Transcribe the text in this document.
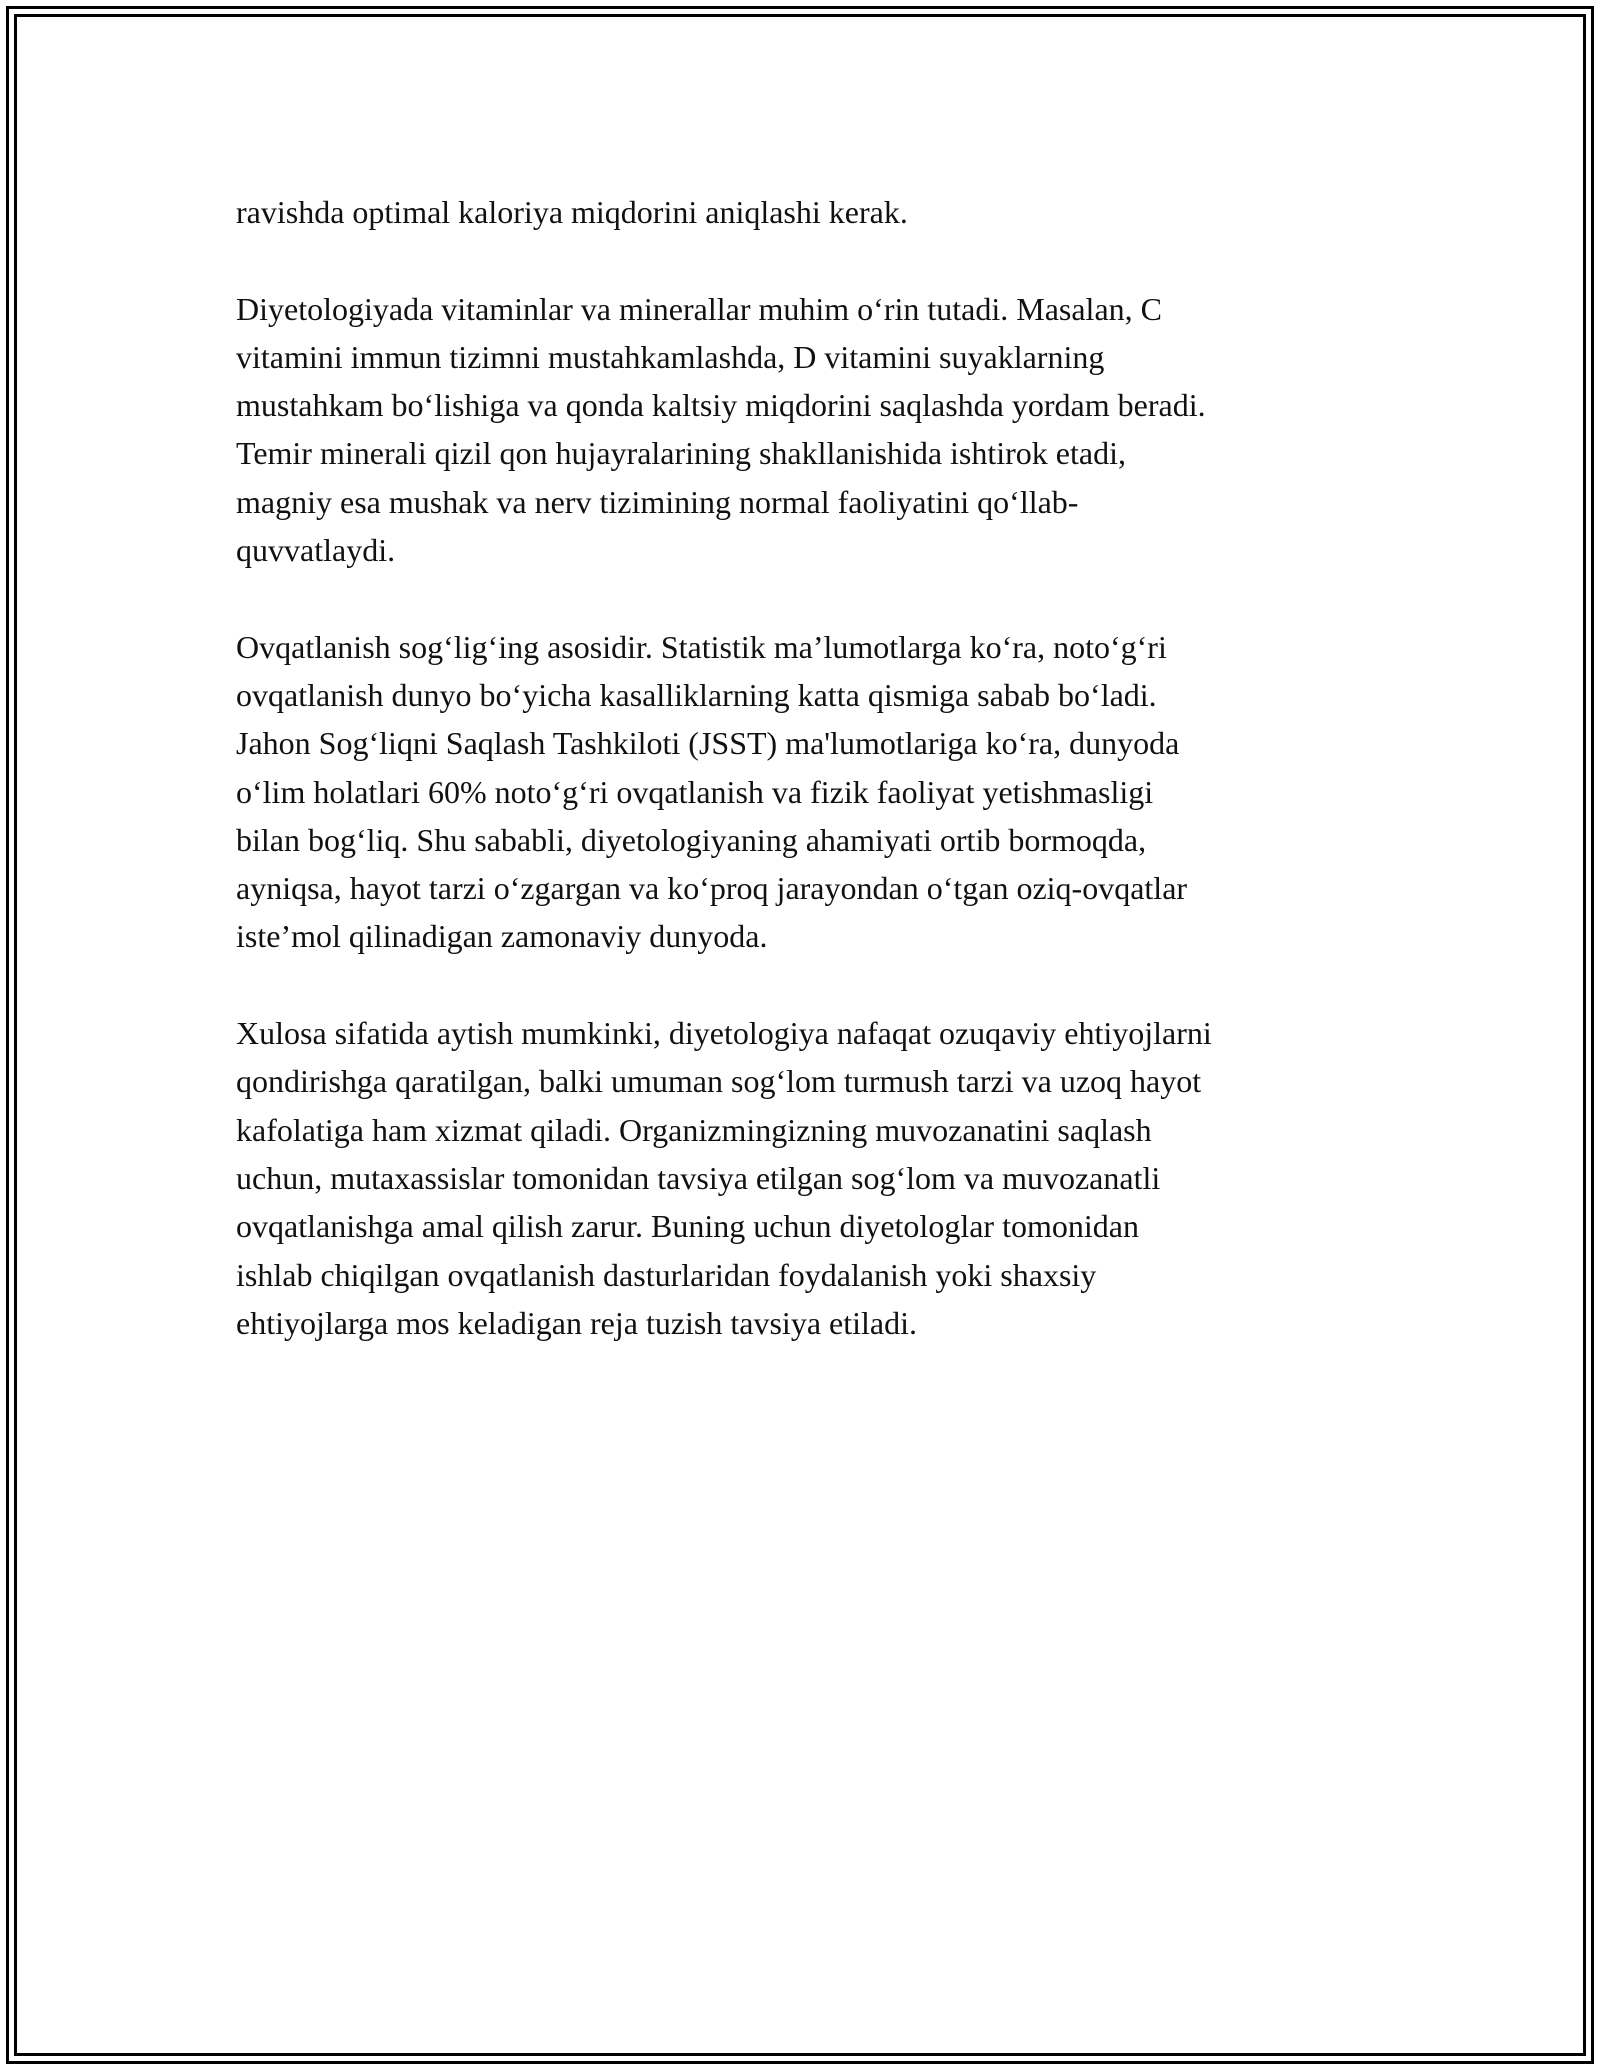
ravishda optimal kaloriya miqdorini aniqlashi kerak.

Diyetologiyada vitaminlar va minerallar muhim o‘rin tutadi. Masalan, C
vitamini immun tizimni mustahkamlashda, D vitamini suyaklarning
mustahkam bo‘lishiga va qonda kaltsiy miqdorini saqlashda yordam beradi.
Temir minerali qizil qon hujayralarining shakllanishida ishtirok etadi,
magniy esa mushak va nerv tizimining normal faoliyatini qo‘llab-
quvvatlaydi.

Ovqatlanish sog‘lig‘ing asosidir. Statistik ma’lumotlarga ko‘ra, noto‘g‘ri
ovqatlanish dunyo bo‘yicha kasalliklarning katta qismiga sabab bo‘ladi.
Jahon Sog‘liqni Saqlash Tashkiloti (JSST) ma'lumotlariga ko‘ra, dunyoda
o‘lim holatlari 60% noto‘g‘ri ovqatlanish va fizik faoliyat yetishmasligi
bilan bog‘liq. Shu sababli, diyetologiyaning ahamiyati ortib bormoqda,
ayniqsa, hayot tarzi o‘zgargan va ko‘proq jarayondan o‘tgan oziq-ovqatlar
iste’mol qilinadigan zamonaviy dunyoda.

Xulosa sifatida aytish mumkinki, diyetologiya nafaqat ozuqaviy ehtiyojlarni
qondirishga qaratilgan, balki umuman sog‘lom turmush tarzi va uzoq hayot
kafolatiga ham xizmat qiladi. Organizmingizning muvozanatini saqlash
uchun, mutaxassislar tomonidan tavsiya etilgan sog‘lom va muvozanatli
ovqatlanishga amal qilish zarur. Buning uchun diyetologlar tomonidan
ishlab chiqilgan ovqatlanish dasturlaridan foydalanish yoki shaxsiy
ehtiyojlarga mos keladigan reja tuzish tavsiya etiladi.
